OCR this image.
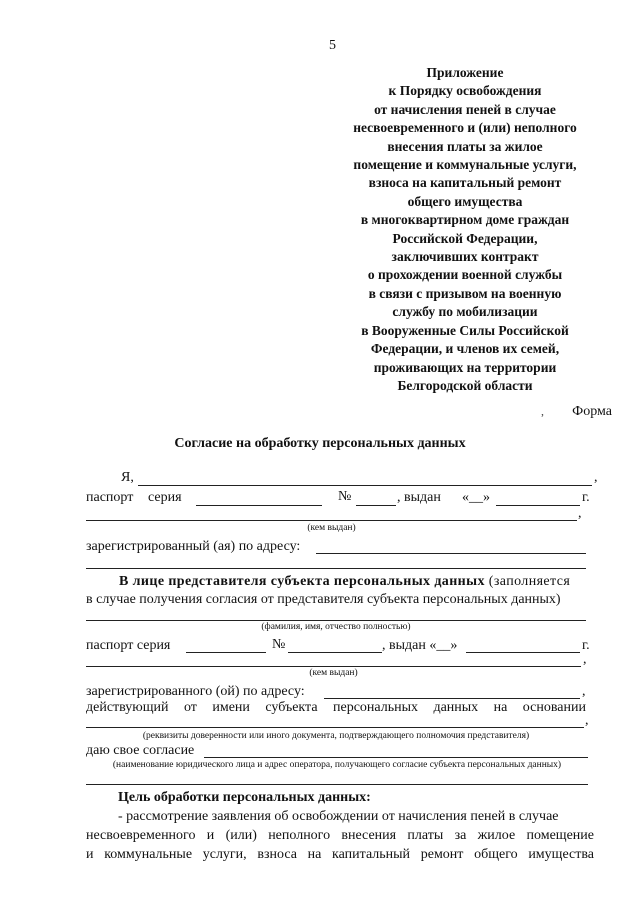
5
Приложение
к Порядку освобождения
от начисления пеней в случае
несвоевременного и (или) неполного
внесения платы за жилое
помещение и коммунальные услуги,
взноса на капитальный ремонт
общего имущества
в многоквартирном доме граждан
Российской Федерации,
заключивших контракт
о прохождении военной службы
в связи с призывом на военную
службу по мобилизации
в Вооруженные Силы Российской
Федерации, и членов их семей,
проживающих на территории
Белгородской области
, Форма
Согласие на обработку персональных данных
Я,	,
паспорт серия	№	, выдан «__»	г.
,
(кем выдан)
зарегистрированный (ая) по адресу:
В лице представителя субъекта персональных данных (заполняется
в случае получения согласия от представителя субъекта персональных данных)
(фамилия, имя, отчество полностью)
паспорт серия	№	, выдан «__»	г.
,
(кем выдан)
зарегистрированного (ой) по адресу:	,
действующий от имени субъекта персональных данных на основании
,
(реквизиты доверенности или иного документа, подтверждающего полномочия представителя)
даю свое согласие
(наименование юридического лица и адрес оператора, получающего согласие субъекта персональных данных)
Цель обработки персональных данных:
- рассмотрение заявления об освобождении от начисления пеней в случае
несвоевременного и (или) неполного внесения платы за жилое помещение
и коммунальные услуги, взноса на капитальный ремонт общего имущества
